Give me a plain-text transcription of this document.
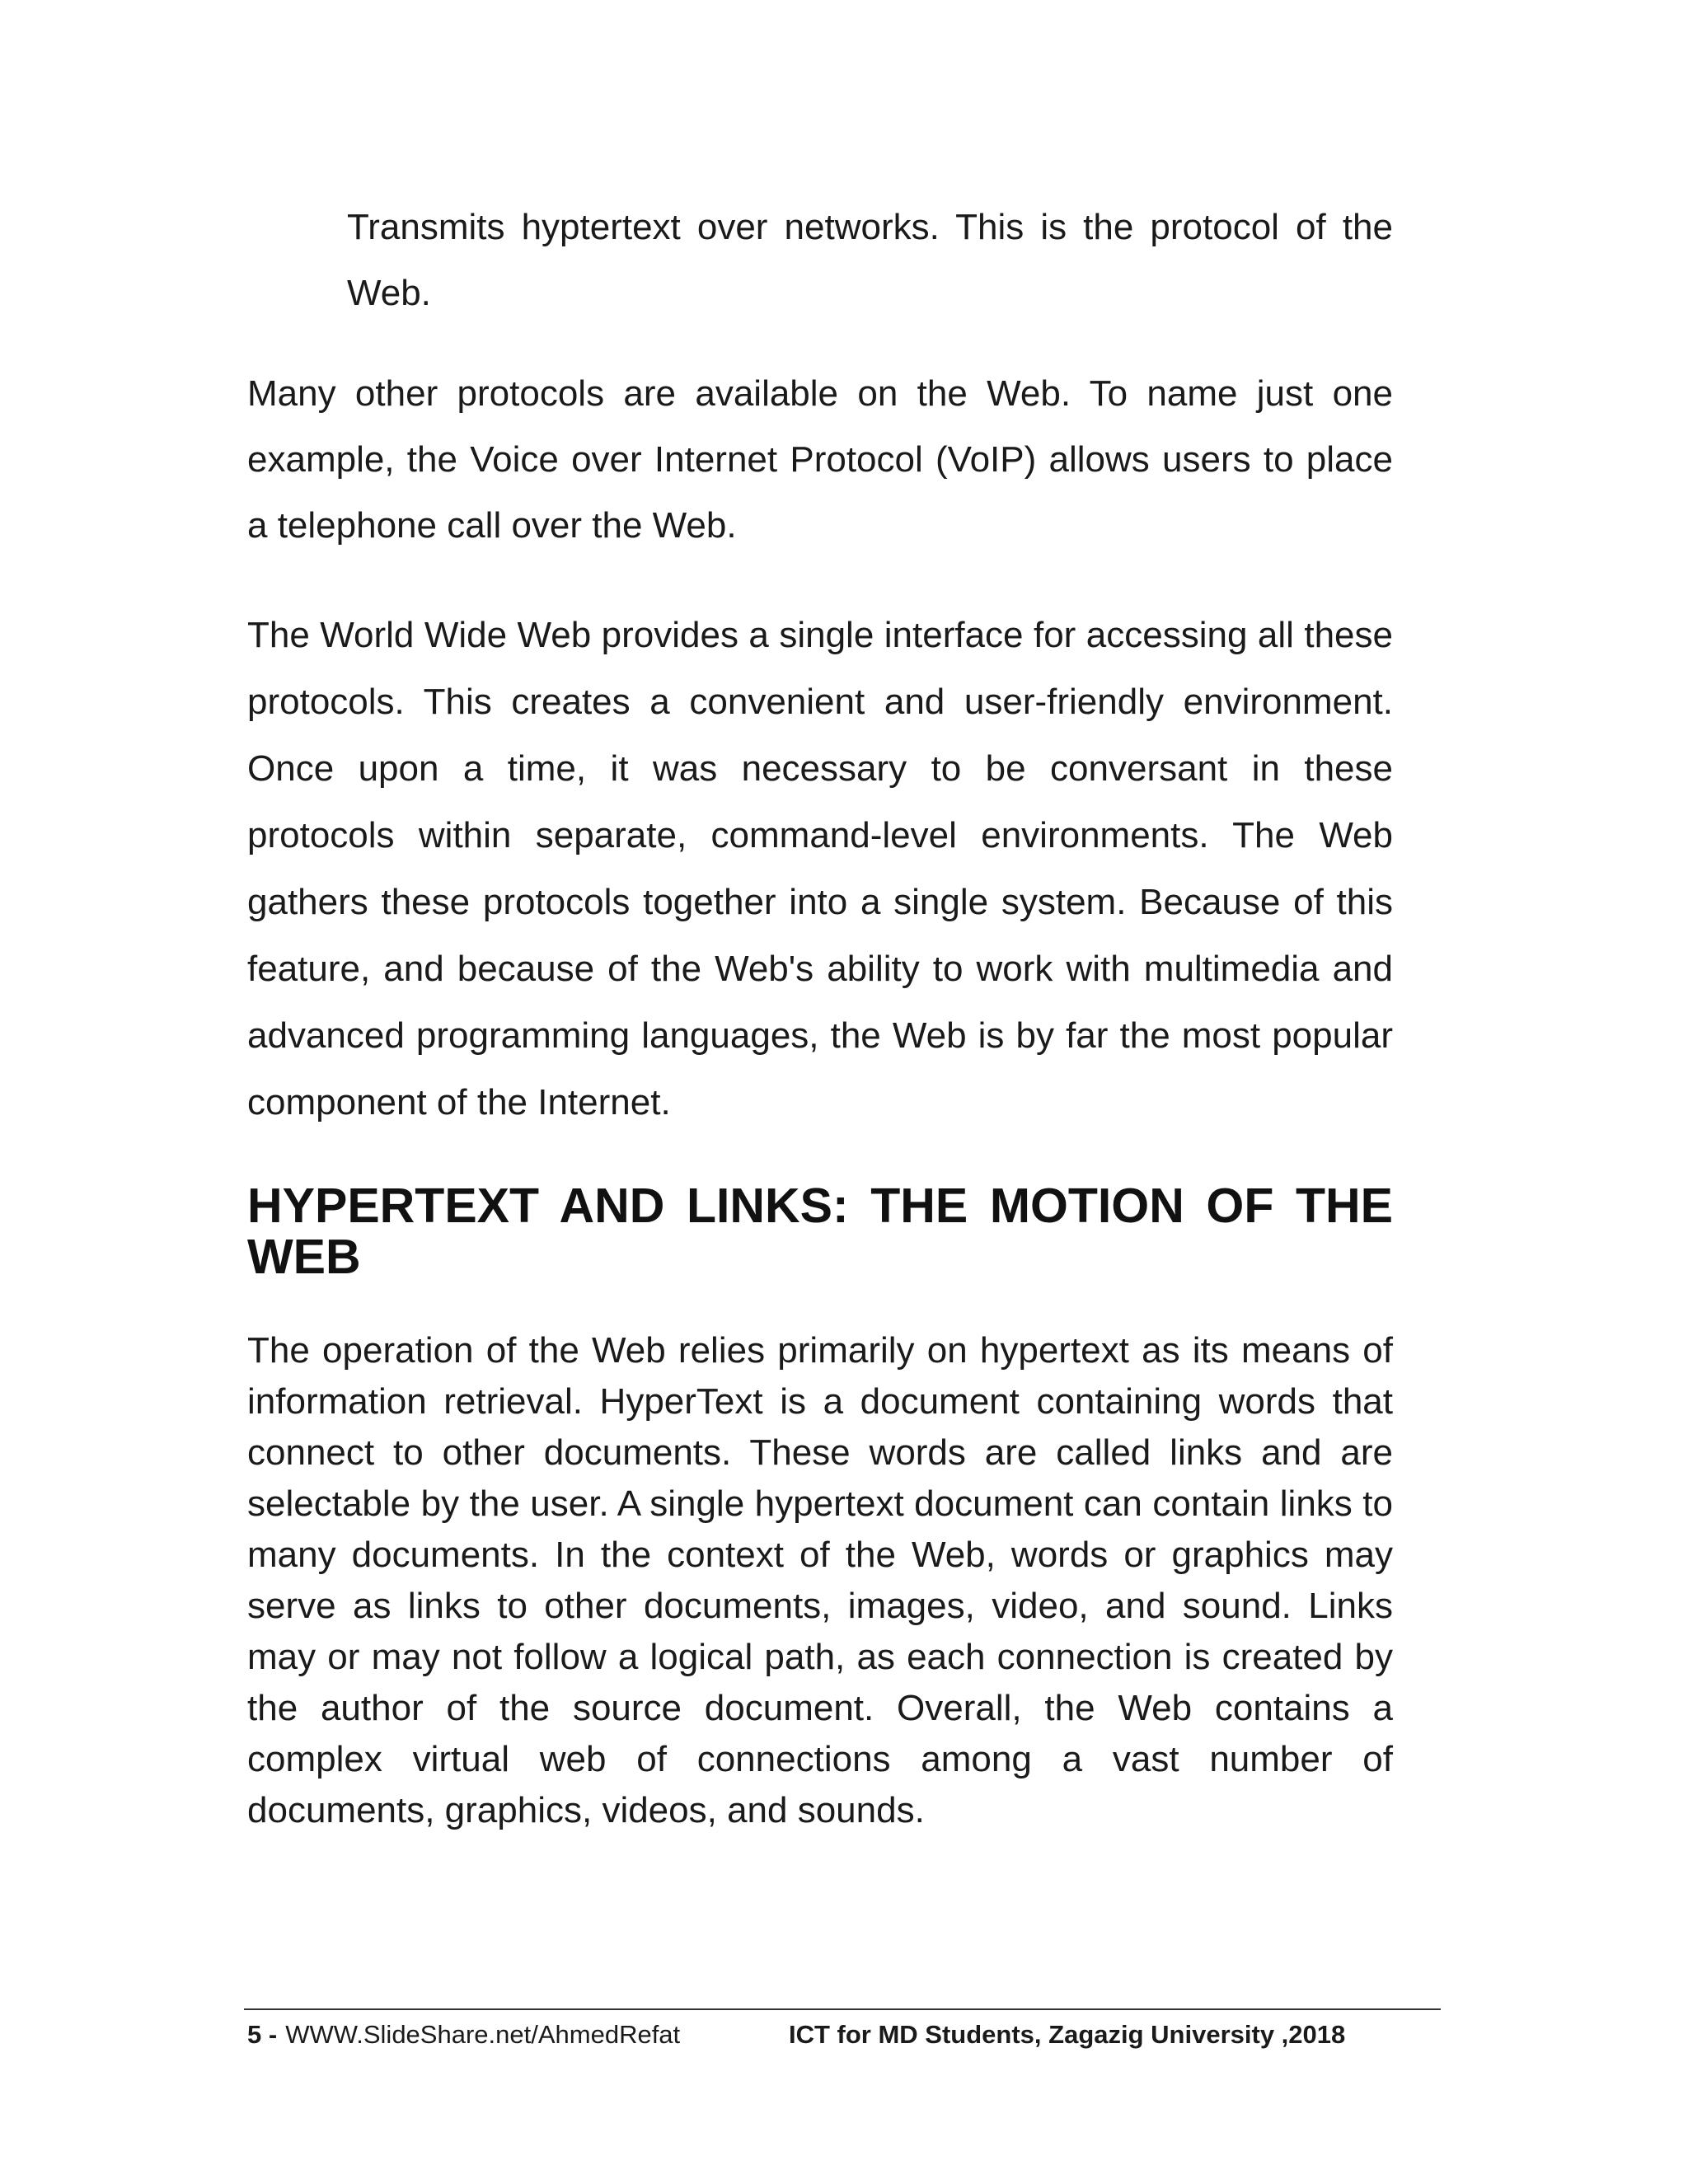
Transmits hyptertext over networks. This is the protocol of the Web.

Many other protocols are available on the Web. To name just one example, the Voice over Internet Protocol (VoIP) allows users to place a telephone call over the Web.

The World Wide Web provides a single interface for accessing all these protocols. This creates a convenient and user-friendly environment. Once upon a time, it was necessary to be conversant in these protocols within separate, command-level environments. The Web gathers these protocols together into a single system. Because of this feature, and because of the Web's ability to work with multimedia and advanced programming languages, the Web is by far the most popular component of the Internet.

HYPERTEXT AND LINKS: THE MOTION OF THE WEB

The operation of the Web relies primarily on hypertext as its means of information retrieval. HyperText is a document containing words that connect to other documents. These words are called links and are selectable by the user. A single hypertext document can contain links to many documents. In the context of the Web, words or graphics may serve as links to other documents, images, video, and sound. Links may or may not follow a logical path, as each connection is created by the author of the source document. Overall, the Web contains a complex virtual web of connections among a vast number of documents, graphics, videos, and sounds.

5 - WWW.SlideShare.net/AhmedRefat	ICT for MD Students, Zagazig University ,2018
